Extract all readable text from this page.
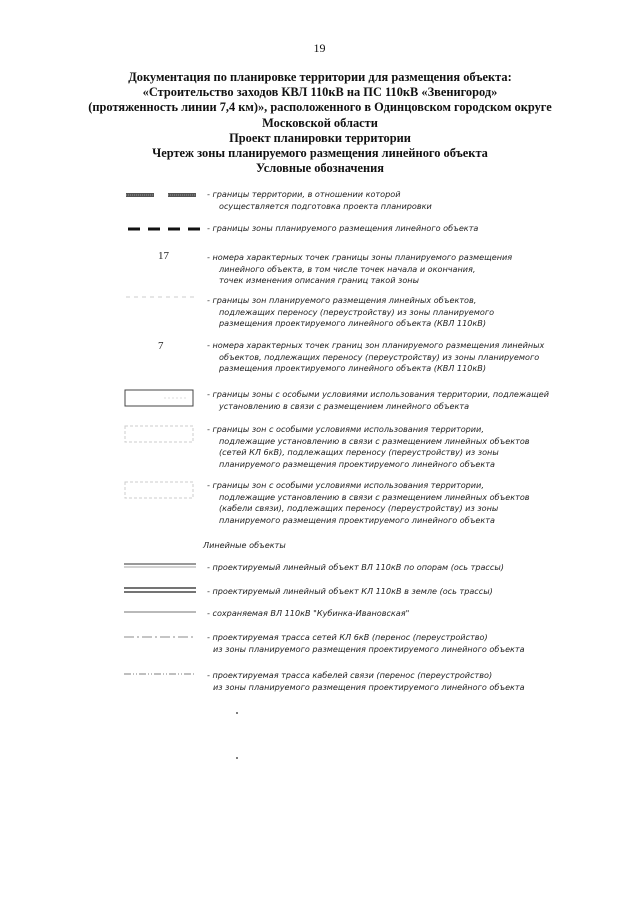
19
Документация по планировке территории для размещения объекта:
«Строительство заходов КВЛ 110кВ на ПС 110кВ «Звенигород»
(протяженность линии 7,4 км)», расположенного в Одинцовском городском округе
Московской области
Проект планировки территории
Чертеж зоны планируемого размещения линейного объекта
Условные обозначения
- границы территории, в отношении которой
осуществляется подготовка проекта планировки
- границы зоны планируемого размещения линейного объекта
17	- номера характерных точек границы зоны планируемого размещения
линейного объекта, в том числе точек начала и окончания,
точек изменения описания границ такой зоны
- границы зон планируемого размещения линейных объектов,
подлежащих переносу (переустройству) из зоны планируемого
размещения проектируемого линейного объекта (КВЛ 110кВ)
7	- номера характерных точек границ зон планируемого размещения линейных
объектов, подлежащих переносу (переустройству) из зоны планируемого
размещения проектируемого линейного объекта (КВЛ 110кВ)
- границы зоны с особыми условиями использования территории, подлежащей
установлению в связи с размещением линейного объекта
- границы зон с особыми условиями использования территории,
подлежащие установлению в связи с размещением линейных объектов
(сетей КЛ 6кВ), подлежащих переносу (переустройству) из зоны
планируемого размещения проектируемого линейного объекта
- границы зон с особыми условиями использования территории,
подлежащие установлению в связи с размещением линейных объектов
(кабели связи), подлежащих переносу (переустройству) из зоны
планируемого размещения проектируемого линейного объекта
Линейные объекты
- проектируемый линейный объект ВЛ 110кВ по опорам (ось трассы)
- проектируемый линейный объект КЛ 110кВ в земле (ось трассы)
- сохраняемая ВЛ 110кВ "Кубинка-Ивановская"
- проектируемая трасса сетей КЛ 6кВ (перенос (переустройство)
из зоны планируемого размещения проектируемого линейного объекта
- проектируемая трасса кабелей связи (перенос (переустройство)
из зоны планируемого размещения проектируемого линейного объекта
